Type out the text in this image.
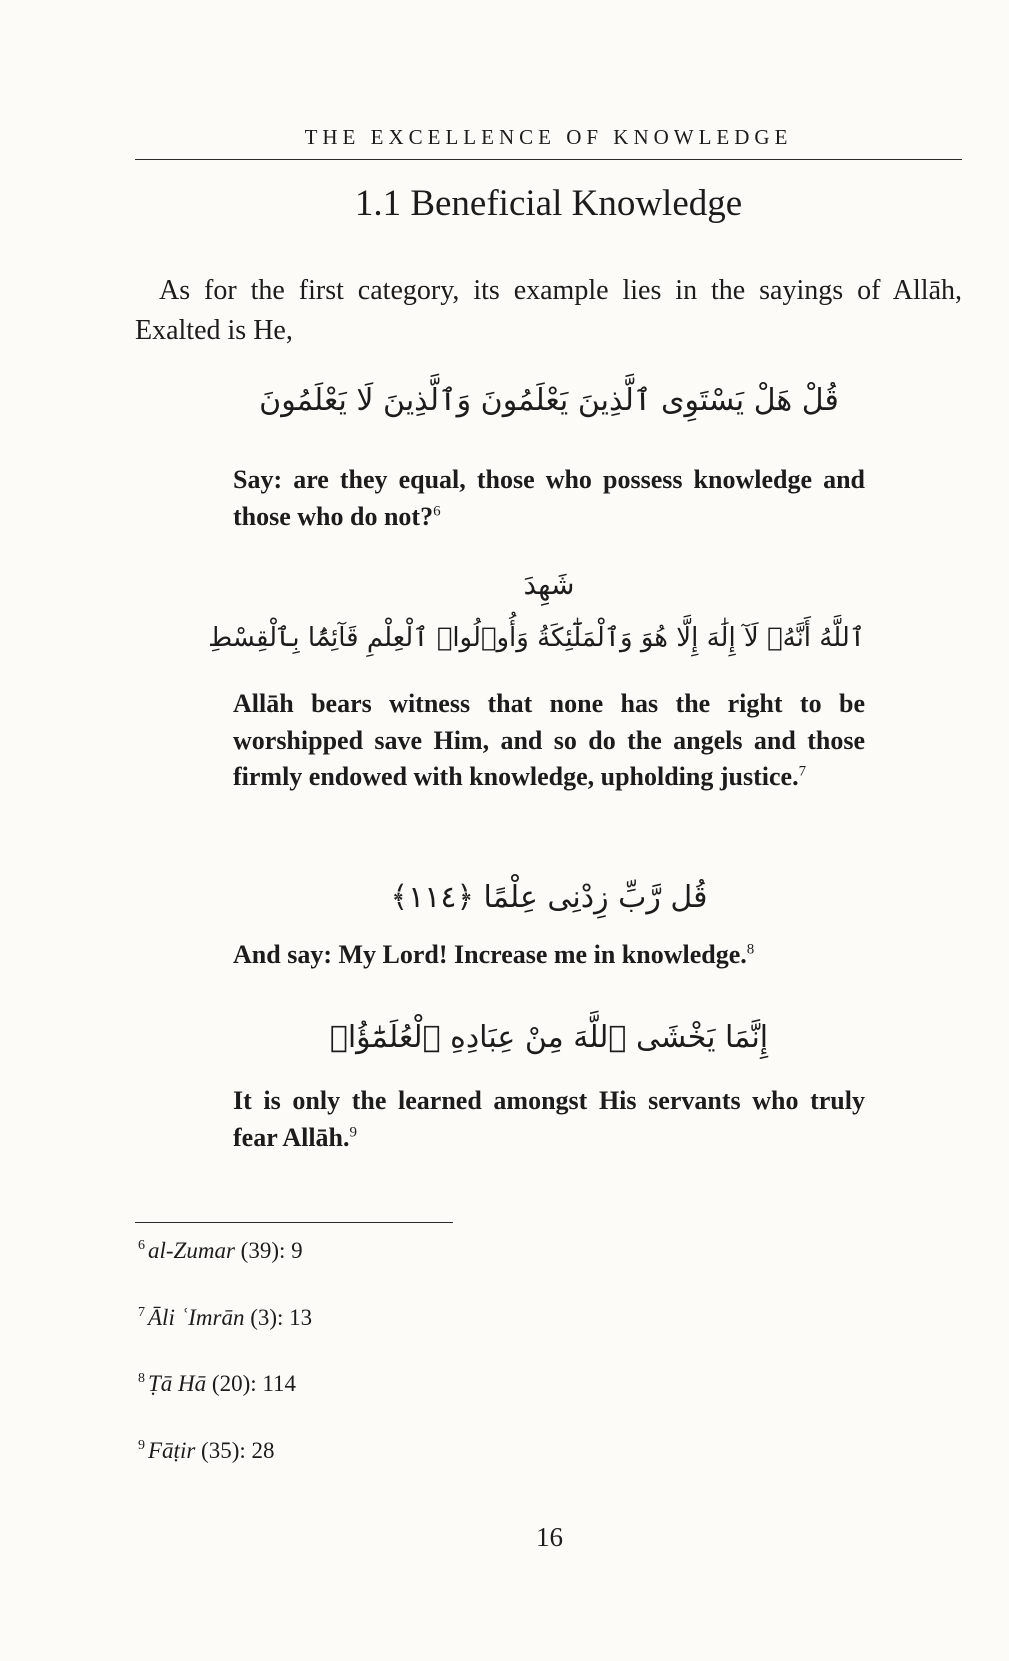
THE EXCELLENCE OF KNOWLEDGE
1.1 Beneficial Knowledge

As for the first category, its example lies in the sayings of Allāh, Exalted is He,

قُلْ هَلْ يَسْتَوِى ٱلَّذِينَ يَعْلَمُونَ وَٱلَّذِينَ لَا يَعْلَمُونَ

Say: are they equal, those who possess knowledge and those who do not?$^6$

شَهِدَ
ٱللَّهُ أَنَّهُۥ لَآ إِلَٰهَ إِلَّا هُوَ وَٱلْمَلَٰٓئِكَةُ وَأُو۟لُوا۟ ٱلْعِلْمِ قَآئِمًۢا بِٱلْقِسْطِ

Allāh bears witness that none has the right to be worshipped save Him, and so do the angels and those firmly endowed with knowledge, upholding justice.$^7$

قُل رَّبِّ زِدْنِى عِلْمًا ﴿١١٤﴾

And say: My Lord! Increase me in knowledge.$^8$

إِنَّمَا يَخْشَى ٱللَّهَ مِنْ عِبَادِهِ ٱلْعُلَمَٰٓؤُا۟

It is only the learned amongst His servants who truly fear Allāh.$^9$

$^6$ al-Zumar (39): 9
$^7$ Āli ʿImrān (3): 13
$^8$ Ṭā Hā (20): 114
$^9$ Fāṭir (35): 28
16
